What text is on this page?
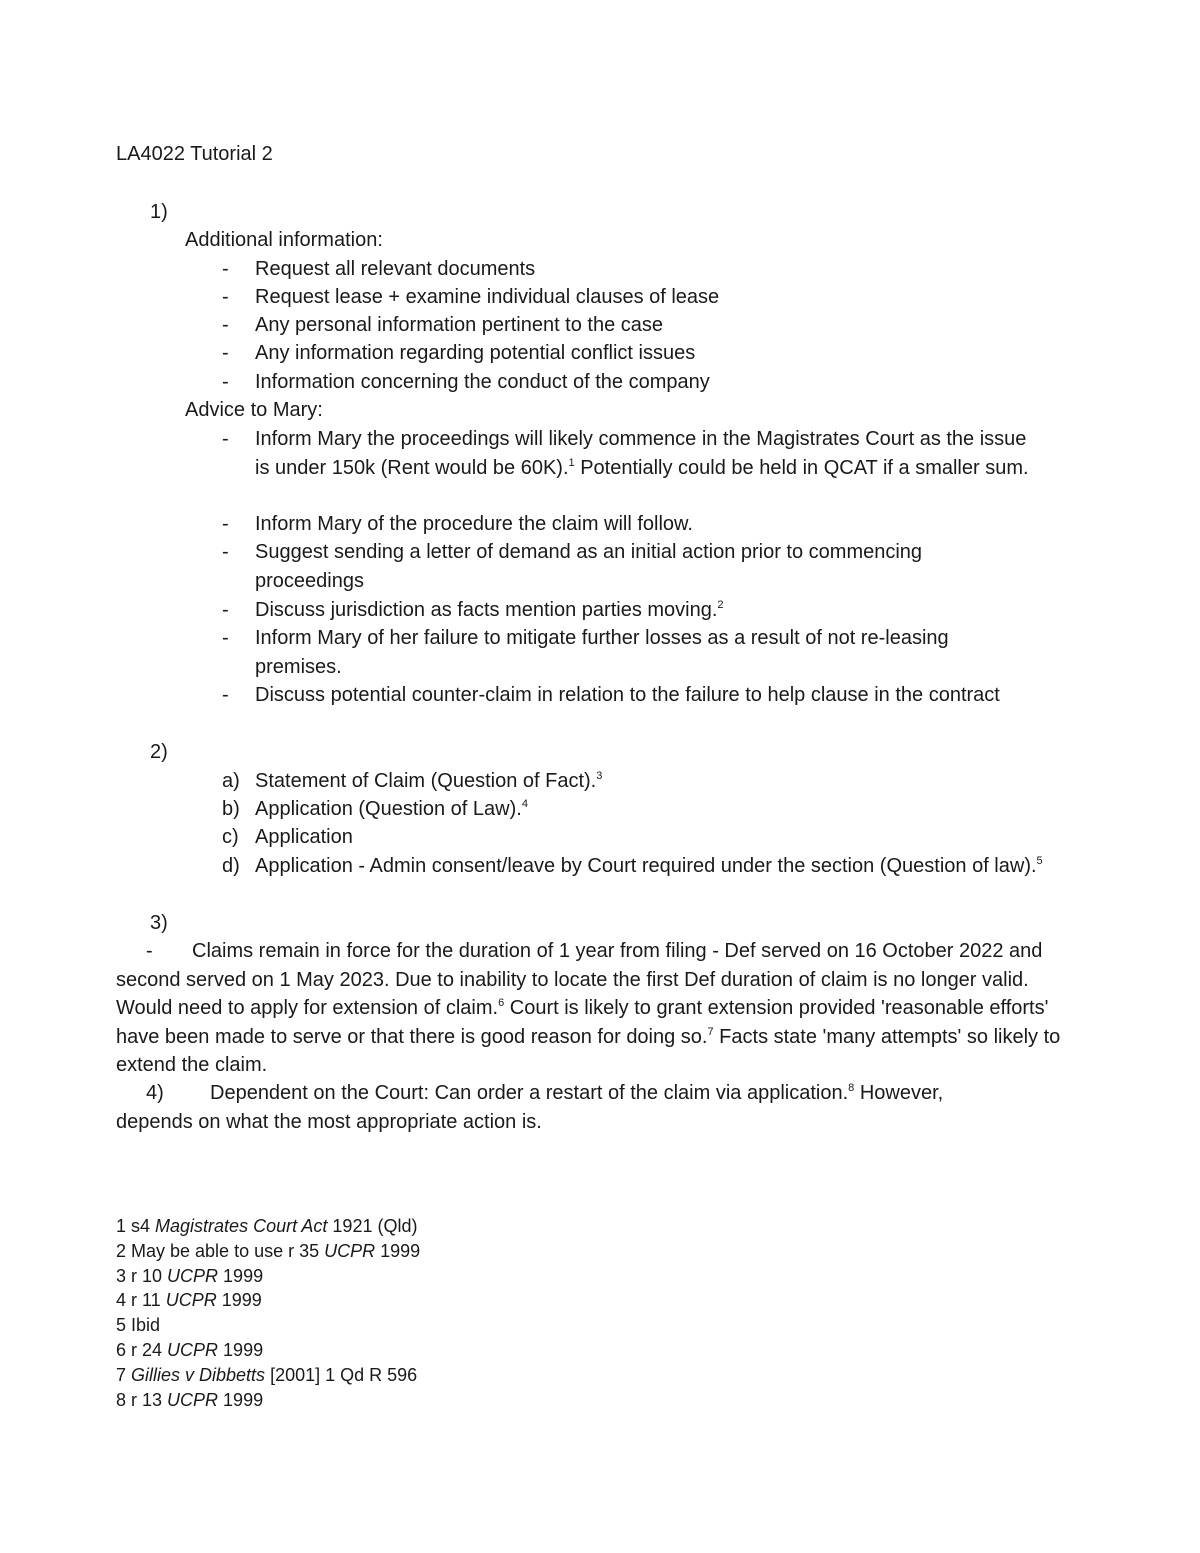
LA4022 Tutorial 2
1)
Additional information:
-	Request all relevant documents
-	Request lease + examine individual clauses of lease
-	Any personal information pertinent to the case
-	Any information regarding potential conflict issues
-	Information concerning the conduct of the company
Advice to Mary:
-	Inform Mary the proceedings will likely commence in the Magistrates Court as the issue is under 150k (Rent would be 60K).$^1$ Potentially could be held in QCAT if a smaller sum.
-	Inform Mary of the procedure the claim will follow.
-	Suggest sending a letter of demand as an initial action prior to commencing proceedings
-	Discuss jurisdiction as facts mention parties moving.$^2$
-	Inform Mary of her failure to mitigate further losses as a result of not re-leasing premises.
-	Discuss potential counter-claim in relation to the failure to help clause in the contract
2)
a) Statement of Claim (Question of Fact).$^3$
b) Application (Question of Law).$^4$
c) Application
d) Application - Admin consent/leave by Court required under the section (Question of law).$^5$
3)
- Claims remain in force for the duration of 1 year from filing - Def served on 16 October 2022 and second served on 1 May 2023. Due to inability to locate the first Def duration of claim is no longer valid. Would need to apply for extension of claim.$^6$ Court is likely to grant extension provided 'reasonable efforts' have been made to serve or that there is good reason for doing so.$^7$ Facts state 'many attempts' so likely to extend the claim.
4) Dependent on the Court: Can order a restart of the claim via application.$^8$ However, depends on what the most appropriate action is.
1 s4 Magistrates Court Act 1921 (Qld)
2 May be able to use r 35 UCPR 1999
3 r 10 UCPR 1999
4 r 11 UCPR 1999
5 Ibid
6 r 24 UCPR 1999
7 Gillies v Dibbetts [2001] 1 Qd R 596
8 r 13 UCPR 1999
